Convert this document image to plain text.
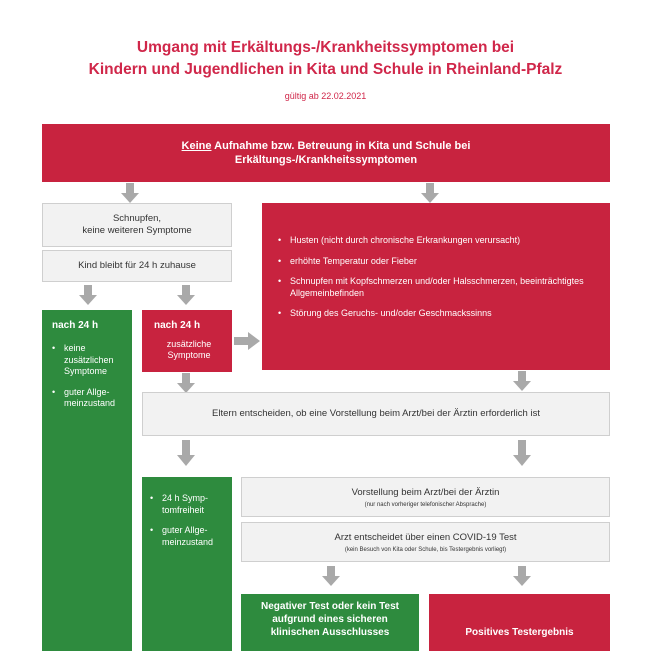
Umgang mit Erkältungs-/Krankheitssymptomen bei
Kindern und Jugendlichen in Kita und Schule in Rheinland-Pfalz
gültig ab 22.02.2021
Keine Aufnahme bzw. Betreuung in Kita und Schule bei
Erkältungs-/Krankheitssymptomen
Schnupfen,
keine weiteren Symptome
Kind bleibt für 24 h zuhause
• Husten (nicht durch chronische Erkrankungen verursacht)
• erhöhte Temperatur oder Fieber
• Schnupfen mit Kopfschmerzen und/oder Halsschmerzen, beeinträchtigtes Allgemeinbefinden
• Störung des Geruchs- und/oder Geschmackssinns
nach 24 h
• keine zusätzlichen Symptome
• guter Allge-meinzustand
nach 24 h
zusätzliche Symptome
Eltern entscheiden, ob eine Vorstellung beim Arzt/bei der Ärztin erforderlich ist
• 24 h Symp-tomfreiheit
• guter Allge-meinzustand
Vorstellung beim Arzt/bei der Ärztin
(nur nach vorheriger telefonischer Absprache)
Arzt entscheidet über einen COVID-19 Test
(kein Besuch von Kita oder Schule, bis Testergebnis vorliegt)
Negativer Test oder kein Test aufgrund eines sicheren klinischen Ausschlusses	Positives Testergebnis
